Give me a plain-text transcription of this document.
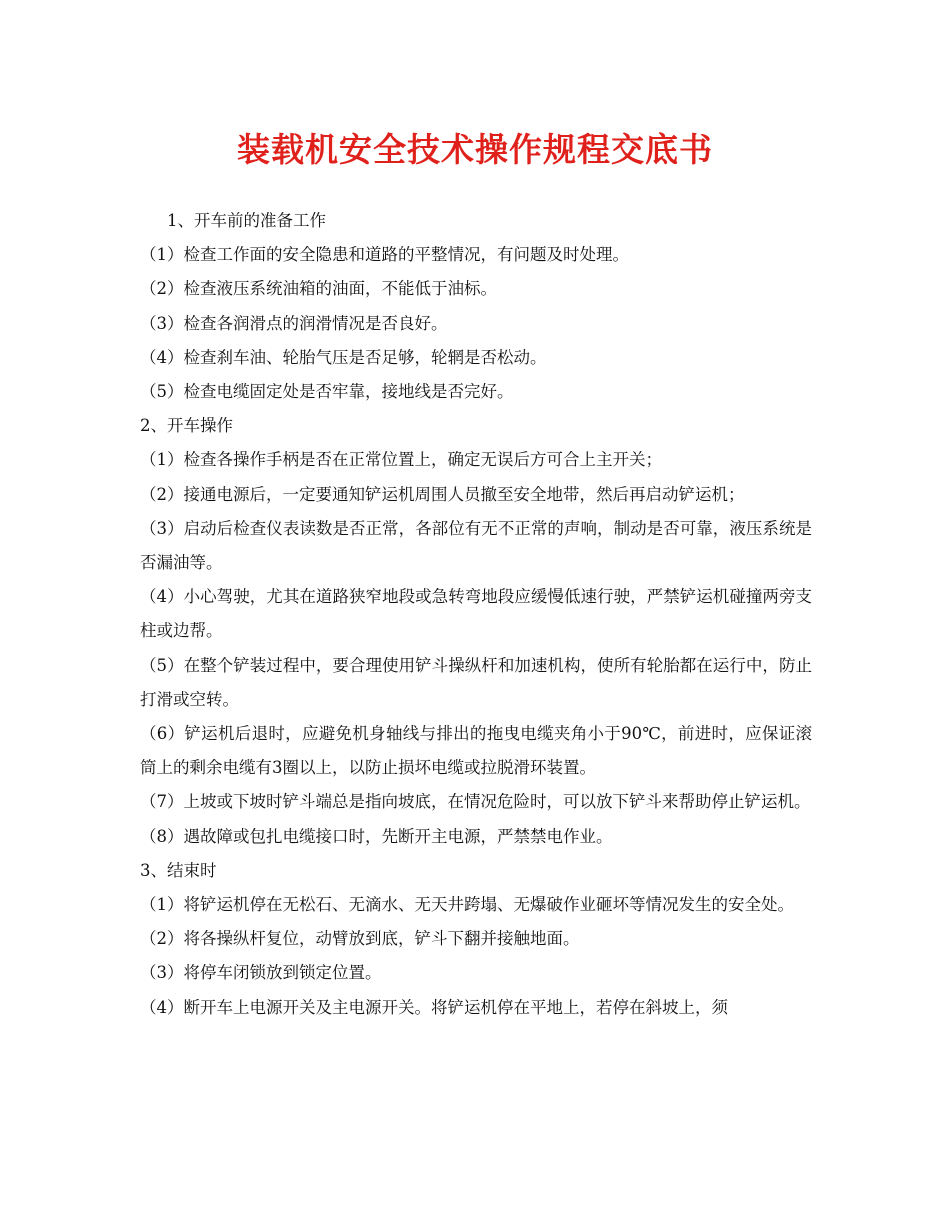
装载机安全技术操作规程交底书

1、开车前的准备工作

（1）检查工作面的安全隐患和道路的平整情况，有问题及时处理。

（2）检查液压系统油箱的油面，不能低于油标。

（3）检查各润滑点的润滑情况是否良好。

（4）检查刹车油、轮胎气压是否足够，轮辋是否松动。

（5）检查电缆固定处是否牢靠，接地线是否完好。

2、开车操作

（1）检查各操作手柄是否在正常位置上，确定无误后方可合上主开关；

（2）接通电源后，一定要通知铲运机周围人员撤至安全地带，然后再启动铲运机；

（3）启动后检查仪表读数是否正常，各部位有无不正常的声响，制动是否可靠，液压系统是否漏油等。

（4）小心驾驶，尤其在道路狭窄地段或急转弯地段应缓慢低速行驶，严禁铲运机碰撞两旁支柱或边帮。

（5）在整个铲装过程中，要合理使用铲斗操纵杆和加速机构，使所有轮胎都在运行中，防止打滑或空转。

（6）铲运机后退时，应避免机身轴线与排出的拖曳电缆夹角小于90℃，前进时，应保证滚筒上的剩余电缆有3圈以上，以防止损坏电缆或拉脱滑环装置。

（7）上坡或下坡时铲斗端总是指向坡底，在情况危险时，可以放下铲斗来帮助停止铲运机。

（8）遇故障或包扎电缆接口时，先断开主电源，严禁禁电作业。

3、结束时

（1）将铲运机停在无松石、无滴水、无天井跨塌、无爆破作业砸坏等情况发生的安全处。

（2）将各操纵杆复位，动臂放到底，铲斗下翻并接触地面。

（3）将停车闭锁放到锁定位置。

（4）断开车上电源开关及主电源开关。将铲运机停在平地上，若停在斜坡上，须
